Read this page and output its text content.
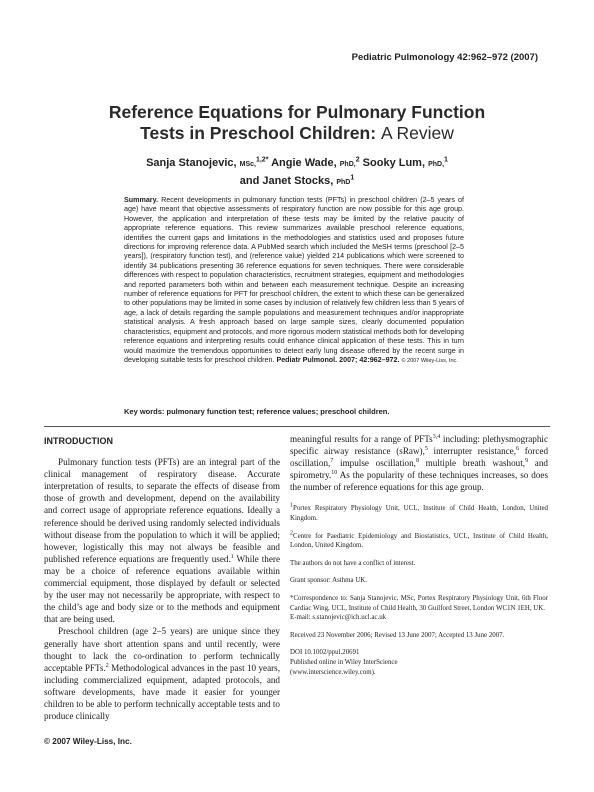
Pediatric Pulmonology 42:962–972 (2007)
Reference Equations for Pulmonary Function
Tests in Preschool Children: A Review
Sanja Stanojevic, MSc,$^{1,2*}$ Angie Wade, PhD,$^2$ Sooky Lum, PhD,$^1$
and Janet Stocks, PhD$^1$

Summary. Recent developments in pulmonary function tests (PFTs) in preschool children (2–5 years of age) have meant that objective assessments of respiratory function are now possible for this age group. However, the application and interpretation of these tests may be limited by the relative paucity of appropriate reference equations. This review summarizes available preschool reference equations, identifies the current gaps and limitations in the methodologies and statistics used and proposes future directions for improving reference data. A PubMed search which included the MeSH terms (preschool [2–5 years]), (respiratory function test), and (reference value) yielded 214 publications which were screened to identify 34 publications presenting 36 reference equations for seven techniques. There were considerable differences with respect to population characteristics, recruitment strategies, equipment and methodologies and reported parameters both within and between each measurement technique. Despite an increasing number of reference equations for PFT for preschool children, the extent to which these can be generalized to other populations may be limited in some cases by inclusion of relatively few children less than 5 years of age, a lack of details regarding the sample populations and measurement techniques and/or inappropriate statistical analysis. A fresh approach based on large sample sizes, clearly documented population characteristics, equipment and protocols, and more rigorous modern statistical methods both for developing reference equations and interpreting results could enhance clinical application of these tests. This in turn would maximize the tremendous opportunities to detect early lung disease offered by the recent surge in developing suitable tests for preschool children. Pediatr Pulmonol. 2007; 42:962–972. © 2007 Wiley-Liss, Inc.

Key words: pulmonary function test; reference values; preschool children.
INTRODUCTION

Pulmonary function tests (PFTs) are an integral part of the clinical management of respiratory disease. Accurate interpretation of results, to separate the effects of disease from those of growth and development, depend on the availability and correct usage of appropriate reference equations. Ideally a reference should be derived using randomly selected individuals without disease from the population to which it will be applied; however, logistically this may not always be feasible and published reference equations are frequently used.$^1$ While there may be a choice of reference equations available within commercial equipment, those displayed by default or selected by the user may not necessarily be appropriate, with respect to the child’s age and body size or to the methods and equipment that are being used.

Preschool children (age 2–5 years) are unique since they generally have short attention spans and until recently, were thought to lack the co-ordination to perform technically acceptable PFTs.$^2$ Methodological advances in the past 10 years, including commercialized equipment, adapted protocols, and software developments, have made it easier for younger children to be able to perform technically acceptable tests and to produce clinically

meaningful results for a range of PFTs$^{3,4}$ including: plethysmographic specific airway resistance (sRaw),$^5$ interrupter resistance,$^6$ forced oscillation,$^7$ impulse oscillation,$^8$ multiple breath washout,$^9$ and spirometry.$^{10}$ As the popularity of these techniques increases, so does the number of reference equations for this age group.

$^1$Portex Respiratory Physiology Unit, UCL, Institute of Child Health, London, United Kingdom.

$^2$Centre for Paediatric Epidemiology and Biostatistics, UCL, Institute of Child Health, London, United Kingdom.

The authors do not have a conflict of interest.

Grant sponsor: Asthma UK.

*Correspondence to: Sanja Stanojevic, MSc, Portex Respiratory Physiology Unit, 6th Floor Cardiac Wing, UCL, Institute of Child Health, 30 Guilford Street, London WC1N 1EH, UK.
E-mail: s.stanojevic@ich.ucl.ac.uk

Received 23 November 2006; Revised 13 June 2007; Accepted 13 June 2007.

DOI 10.1002/ppul.20691
Published online in Wiley InterScience
(www.interscience.wiley.com).

© 2007 Wiley-Liss, Inc.
